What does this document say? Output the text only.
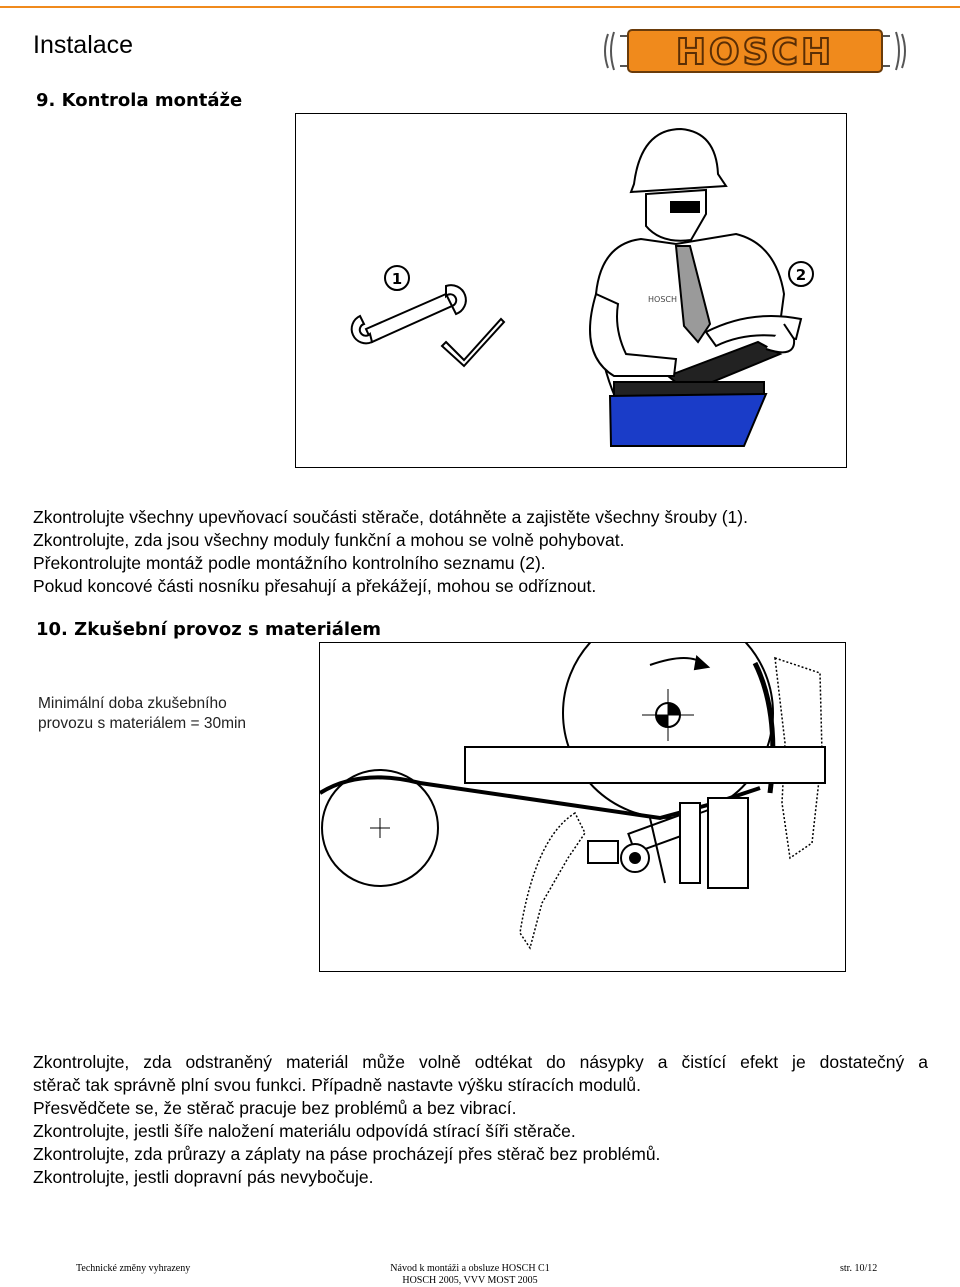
Instalace	HOSCH
9. Kontrola montáže
1	2
HOSCH
Zkontrolujte všechny upevňovací součásti stěrače, dotáhněte a zajistěte všechny šrouby (1).
Zkontrolujte, zda jsou všechny moduly funkční a mohou se volně pohybovat.
Překontrolujte montáž podle montážního kontrolního seznamu (2).
Pokud koncové části nosníku přesahují a překážejí, mohou se odříznout.
10. Zkušební provoz s materiálem
Minimální doba zkušebního
provozu s materiálem = 30min
Zkontrolujte, zda odstraněný materiál může volně odtékat do násypky a čistící efekt je dostatečný a
stěrač tak správně plní svou funkci. Případně nastavte výšku stíracích modulů.
Přesvědčete se, že stěrač pracuje bez problémů a bez vibrací.
Zkontrolujte, jestli šíře naložení materiálu odpovídá stírací šíři stěrače.
Zkontrolujte, zda průrazy a záplaty na páse procházejí přes stěrač bez problémů.
Zkontrolujte, jestli dopravní pás nevybočuje.
Technické změny vyhrazeny	Návod k montáži a obsluze HOSCH C1
HOSCH 2005, VVV MOST 2005
str. 10/12
